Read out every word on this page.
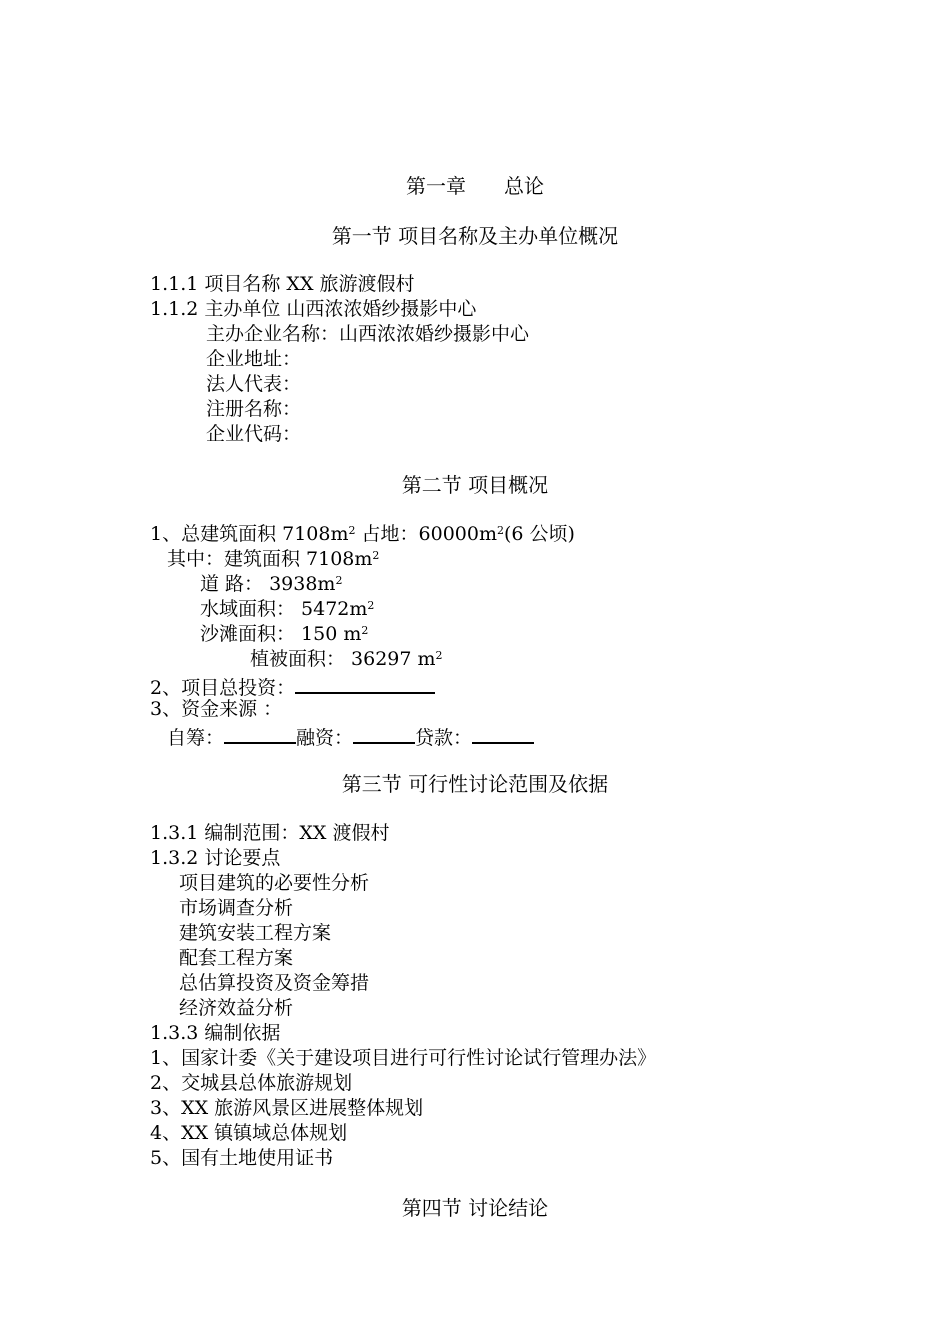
第一章 总论
第一节 项目名称及主办单位概况
1.1.1 项目名称 XX 旅游渡假村
1.1.2 主办单位 山西浓浓婚纱摄影中心
主办企业名称：山西浓浓婚纱摄影中心
企业地址：
法人代表：
注册名称：
企业代码：
第二节 项目概况
1、总建筑面积 $7108m^2$ 占地：$60000m^2(6$ 公顷)
其中：建筑面积 $7108m^2$
道 路： $3938m^2$
水域面积： $5472m^2$
沙滩面积： 150 $m^2$
植被面积： 36297 $m^2$
2、项目总投资：
3、资金来源 ：
自筹：	融资：	贷款：
第三节 可行性讨论范围及依据
1.3.1 编制范围：XX 渡假村
1.3.2 讨论要点
项目建筑的必要性分析
市场调查分析
建筑安装工程方案
配套工程方案
总估算投资及资金筹措
经济效益分析
1.3.3 编制依据
1、国家计委《关于建设项目进行可行性讨论试行管理办法》
2、交城县总体旅游规划
3、XX 旅游风景区进展整体规划
4、XX 镇镇域总体规划
5、国有土地使用证书
第四节 讨论结论
